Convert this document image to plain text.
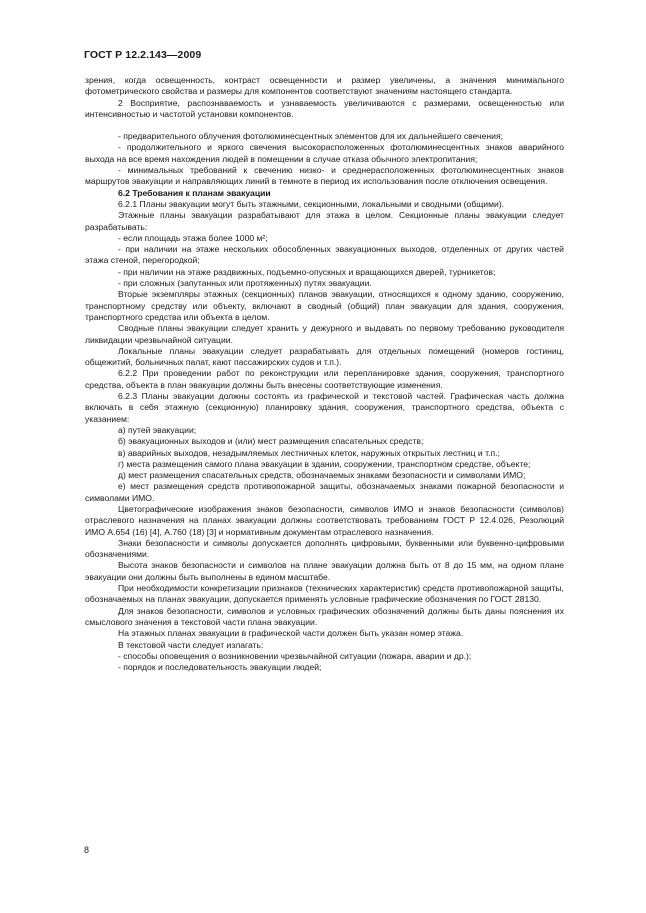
ГОСТ Р 12.2.143—2009

зрения, когда освещенность, контраст освещенности и размер увеличены, а значения минимального фотометрического свойства и размеры для компонентов соответствуют значениям настоящего стандарта.

2 Восприятие, распознаваемость и узнаваемость увеличиваются с размерами, освещенностью или интенсивностью и частотой установки компонентов.

- предварительного облучения фотолюминесцентных элементов для их дальнейшего свечения;

- продолжительного и яркого свечения высокорасположенных фотолюминесцентных знаков аварийного выхода на все время нахождения людей в помещении в случае отказа обычного электропитания;

- минимальных требований к свечению низко- и среднерасположенных фотолюминесцентных знаков маршрутов эвакуации и направляющих линий в темноте в период их использования после отключения освещения.

6.2 Требования к планам эвакуации

6.2.1 Планы эвакуации могут быть этажными, секционными, локальными и сводными (общими).

Этажные планы эвакуации разрабатывают для этажа в целом. Секционные планы эвакуации следует разрабатывать:

- если площадь этажа более 1000 м²;

- при наличии на этаже нескольких обособленных эвакуационных выходов, отделенных от других частей этажа стеной, перегородкой;

- при наличии на этаже раздвижных, подъемно-опускных и вращающихся дверей, турникетов;

- при сложных (запутанных или протяженных) путях эвакуации.

Вторые экземпляры этажных (секционных) планов эвакуации, относящихся к одному зданию, сооружению, транспортному средству или объекту, включают в сводный (общий) план эвакуации для здания, сооружения, транспортного средства или объекта в целом.

Сводные планы эвакуации следует хранить у дежурного и выдавать по первому требованию руководителя ликвидации чрезвычайной ситуации.

Локальные планы эвакуации следует разрабатывать для отдельных помещений (номеров гостиниц, общежитий, больничных палат, кают пассажирских судов и т.п.).

6.2.2 При проведении работ по реконструкции или перепланировке здания, сооружения, транспортного средства, объекта в план эвакуации должны быть внесены соответствующие изменения.

6.2.3 Планы эвакуации должны состоять из графической и текстовой частей. Графическая часть должна включать в себя этажную (секционную) планировку здания, сооружения, транспортного средства, объекта с указанием:

а) путей эвакуации;

б) эвакуационных выходов и (или) мест размещения спасательных средств;

в) аварийных выходов, незадымляемых лестничных клеток, наружных открытых лестниц и т.п.;

г) места размещения самого плана эвакуации в здании, сооружении, транспортном средстве, объекте;

д) мест размещения спасательных средств, обозначаемых знаками безопасности и символами ИМО;

е) мест размещения средств противопожарной защиты, обозначаемых знаками пожарной безопасности и символами ИМО.

Цветографические изображения знаков безопасности, символов ИМО и знаков безопасности (символов) отраслевого назначения на планах эвакуации должны соответствовать требованиям ГОСТ Р 12.4.026, Резолюций ИМО А.654 (16) [4], А.760 (18) [3] и нормативным документам отраслевого назначения.

Знаки безопасности и символы допускается дополнять цифровыми, буквенными или буквенно-цифровыми обозначениями.

Высота знаков безопасности и символов на плане эвакуации должна быть от 8 до 15 мм, на одном плане эвакуации они должны быть выполнены в едином масштабе.

При необходимости конкретизации признаков (технических характеристик) средств противопожарной защиты, обозначаемых на планах эвакуации, допускается применять условные графические обозначения по ГОСТ 28130.

Для знаков безопасности, символов и условных графических обозначений должны быть даны пояснения их смыслового значения в текстовой части плана эвакуации.

На этажных планах эвакуации в графической части должен быть указан номер этажа.

В текстовой части следует излагать:

- способы оповещения о возникновении чрезвычайной ситуации (пожара, аварии и др.);

- порядок и последовательность эвакуации людей;

8
